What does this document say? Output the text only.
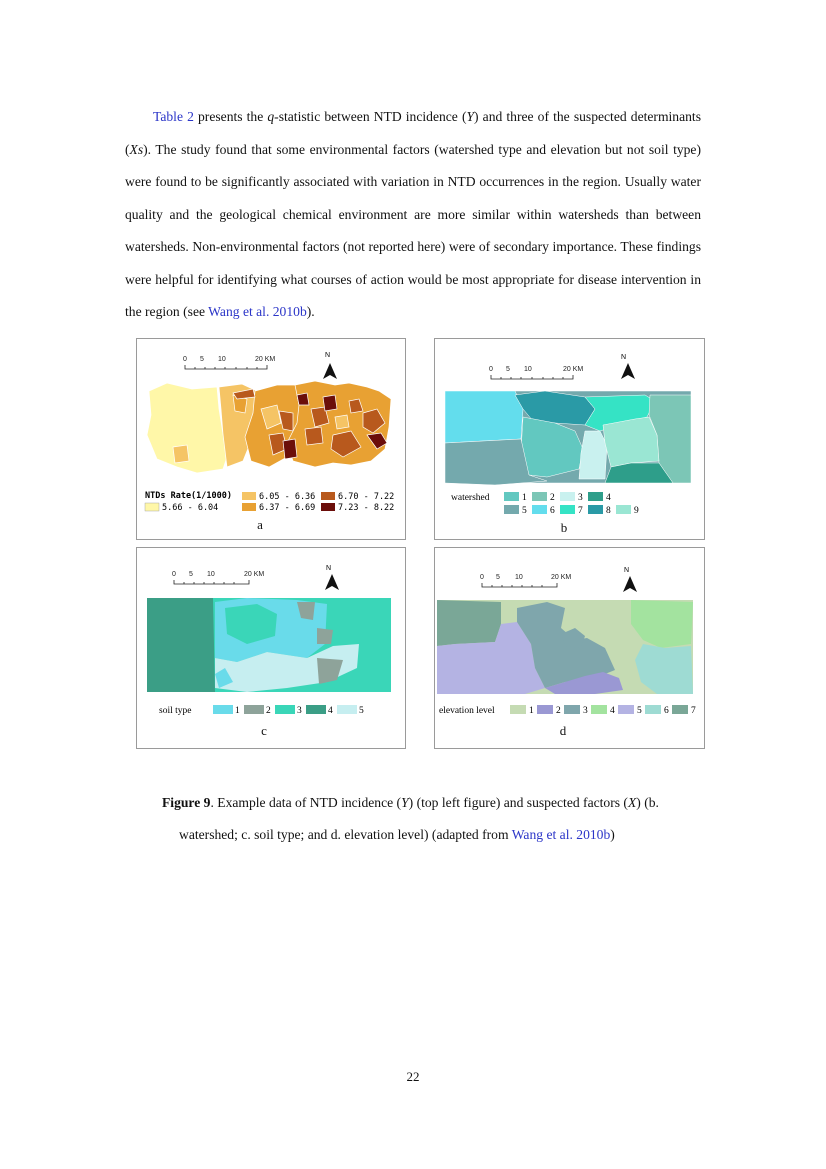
Table 2 presents the q-statistic between NTD incidence (Y) and three of the suspected determinants (Xs). The study found that some environmental factors (watershed type and elevation but not soil type) were found to be significantly associated with variation in NTD occurrences in the region. Usually water quality and the geological chemical environment are more similar within watersheds than between watersheds. Non-environmental factors (not reported here) were of secondary importance. These findings were helpful for identifying what courses of action would be most appropriate for disease intervention in the region (see Wang et al. 2010b).

0 5 10	20 KM
N
NTDs Rate(1/1000)
5.66 - 6.04
6.05 - 6.36
6.37 - 6.69
6.70 - 7.22
7.23 - 8.22
a
0 5 10	20 KM
N
watershed	1 2 3 4
5 6 7 8 9
b
0 5 10	20 KM
N
soil type	1	2	3	4	5
c
0 5 10	20 KM
N
elevation level	1 2 3 4 5 6 7
d

Figure 9. Example data of NTD incidence (Y) (top left figure) and suspected factors (X) (b.
watershed; c. soil type; and d. elevation level) (adapted from Wang et al. 2010b)

22
